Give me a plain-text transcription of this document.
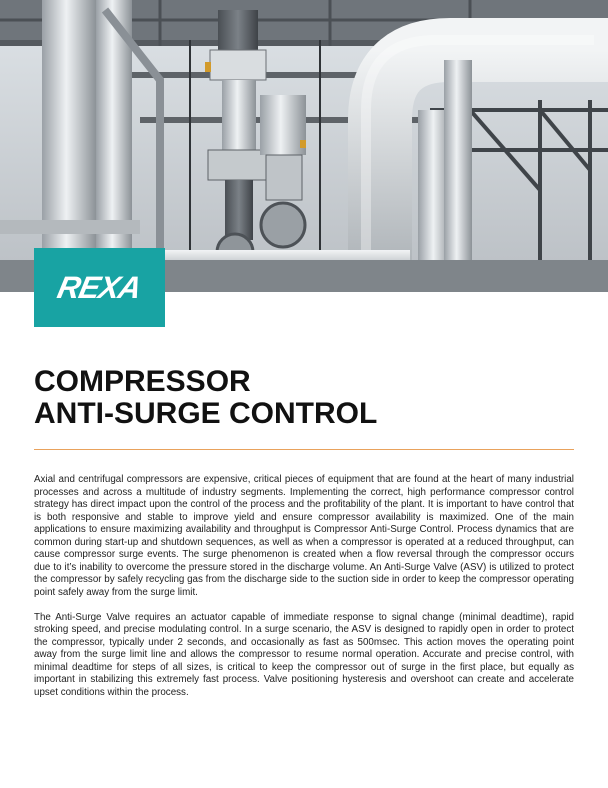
REXA
COMPRESSOR
ANTI-SURGE CONTROL

Axial and centrifugal compressors are expensive, critical pieces of equipment that are found at the heart of many industrial processes and across a multitude of industry segments. Implementing the correct, high performance compressor control strategy has direct impact upon the control of the process and the profitability of the plant. It is important to have control that is both responsive and stable to improve yield and ensure compressor availability is maximized. One of the main applications to ensure maximizing availability and throughput is Compressor Anti-Surge Control. Process dynamics that are common during start-up and shutdown sequences, as well as when a compressor is operated at a reduced throughput, can cause compressor surge events. The surge phenomenon is created when a flow reversal through the compressor occurs due to it’s inability to overcome the pressure stored in the discharge volume. An Anti-Surge Valve (ASV) is utilized to protect the compressor by safely recycling gas from the discharge side to the suction side in order to keep the compressor operating point safely away from the surge limit.

The Anti-Surge Valve requires an actuator capable of immediate response to signal change (minimal deadtime), rapid stroking speed, and precise modulating control. In a surge scenario, the ASV is designed to rapidly open in order to protect the compressor, typically under 2 seconds, and occasionally as fast as 500msec. This action moves the operating point away from the surge limit line and allows the compressor to resume normal operation. Accurate and precise control, with minimal deadtime for steps of all sizes, is critical to keep the compressor out of surge in the first place, but equally as important in stabilizing this extremely fast process. Valve positioning hysteresis and overshoot can create and accelerate upset conditions within the process.
